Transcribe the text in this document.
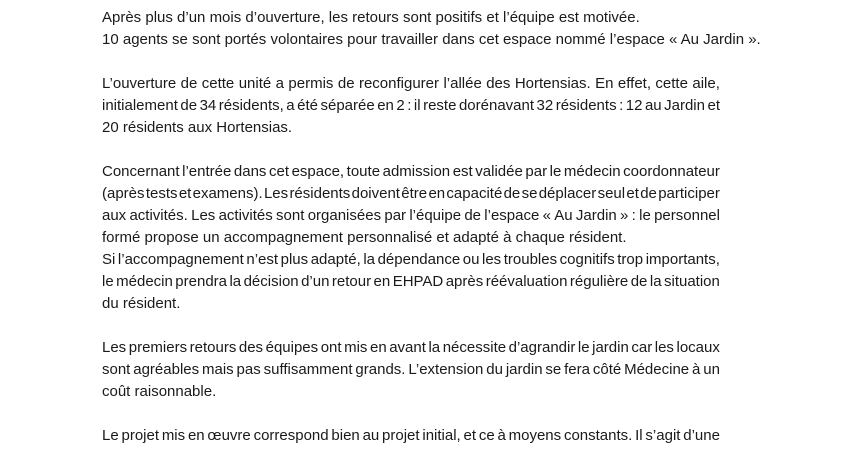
Après plus d’un mois d’ouverture, les retours sont positifs et l’équipe est motivée.
10 agents se sont portés volontaires pour travailler dans cet espace nommé l’espace « Au Jardin ».
L’ouverture de cette unité a permis de reconfigurer l’allée des Hortensias. En effet, cette aile,
initialement de 34 résidents, a été séparée en 2 : il reste dorénavant 32 résidents : 12 au Jardin et
20 résidents aux Hortensias.
Concernant l’entrée dans cet espace, toute admission est validée par le médecin coordonnateur
(après tests et examens). Les résidents doivent être en capacité de se déplacer seul et de participer
aux activités. Les activités sont organisées par l’équipe de l’espace « Au Jardin » : le personnel
formé propose un accompagnement personnalisé et adapté à chaque résident.
Si l’accompagnement n’est plus adapté, la dépendance ou les troubles cognitifs trop importants,
le médecin prendra la décision d’un retour en EHPAD après réévaluation régulière de la situation
du résident.
Les premiers retours des équipes ont mis en avant la nécessite d’agrandir le jardin car les locaux
sont agréables mais pas suffisamment grands. L’extension du jardin se fera côté Médecine à un
coût raisonnable.
Le projet mis en œuvre correspond bien au projet initial, et ce à moyens constants. Il s’agit d’une
